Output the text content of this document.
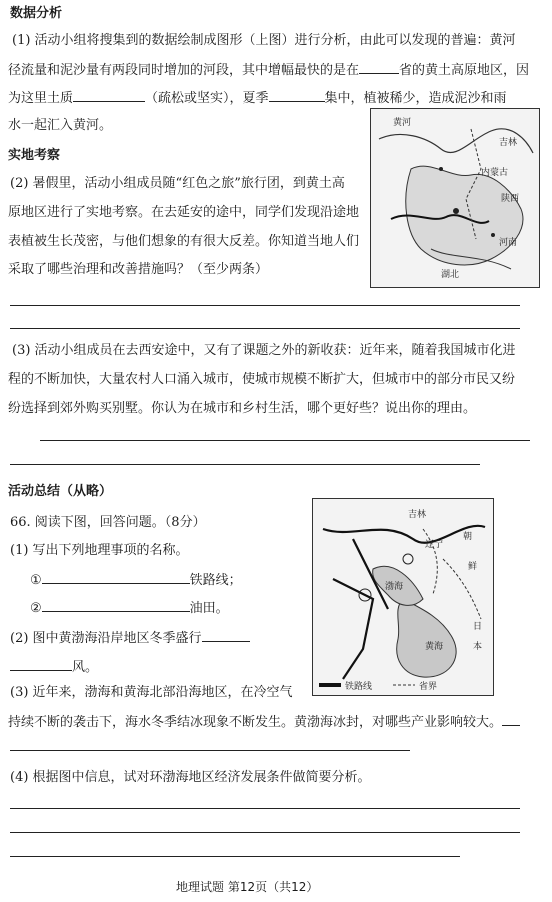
数据分析
(1) 活动小组将搜集到的数据绘制成图形（上图）进行分析，由此可以发现的普遍：黄河
径流量和泥沙量有两段同时增加的河段，其中增幅最快的是在	省的黄土高原地区，因
为这里土质	（疏松或坚实），夏季	集中，植被稀少，造成泥沙和雨
水一起汇入黄河。
实地考察
(2) 暑假里，活动小组成员随“红色之旅”旅行团，到黄土高
原地区进行了实地考察。在去延安的途中，同学们发现沿途地
表植被生长茂密，与他们想象的有很大反差。你知道当地人们
采取了哪些治理和改善措施吗？（至少两条）
黄河
吉林
内蒙古
陕西
河南
湖北
(3) 活动小组成员在去西安途中，又有了课题之外的新收获：近年来，随着我国城市化进
程的不断加快，大量农村人口涌入城市，使城市规模不断扩大，但城市中的部分市民又纷
纷选择到郊外购买别墅。你认为在城市和乡村生活，哪个更好些？说出你的理由。
活动总结（从略）
66. 阅读下图，回答问题。（8分）
(1) 写出下列地理事项的名称。
①	铁路线；
②	油田。
(2) 图中黄渤海沿岸地区冬季盛行
风。
(3) 近年来，渤海和黄海北部沿海地区，在冷空气
持续不断的袭击下，海水冬季结冰现象不断发生。黄渤海冰封，对哪些产业影响较大。
(4) 根据图中信息，试对环渤海地区经济发展条件做简要分析。
吉林
辽宁
朝
鲜
日
本
黄海
渤海
铁路线	省界
地理试题 第12页（共12）
